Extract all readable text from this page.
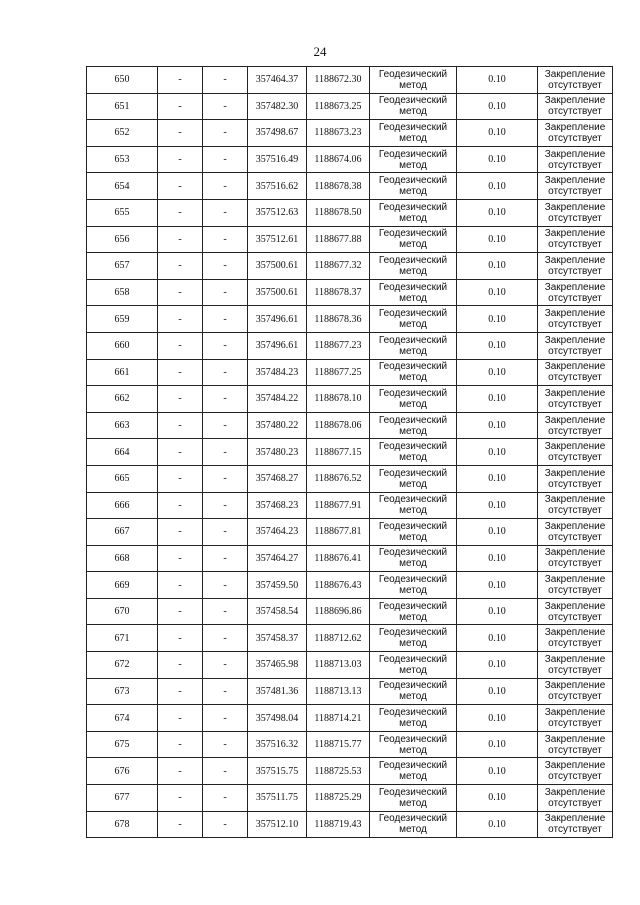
24
650	-	-	357464.37	1188672.30	Геодезический метод	0.10	Закрепление отсутствует
651	-	-	357482.30	1188673.25	Геодезический метод	0.10	Закрепление отсутствует
652	-	-	357498.67	1188673.23	Геодезический метод	0.10	Закрепление отсутствует
653	-	-	357516.49	1188674.06	Геодезический метод	0.10	Закрепление отсутствует
654	-	-	357516.62	1188678.38	Геодезический метод	0.10	Закрепление отсутствует
655	-	-	357512.63	1188678.50	Геодезический метод	0.10	Закрепление отсутствует
656	-	-	357512.61	1188677.88	Геодезический метод	0.10	Закрепление отсутствует
657	-	-	357500.61	1188677.32	Геодезический метод	0.10	Закрепление отсутствует
658	-	-	357500.61	1188678.37	Геодезический метод	0.10	Закрепление отсутствует
659	-	-	357496.61	1188678.36	Геодезический метод	0.10	Закрепление отсутствует
660	-	-	357496.61	1188677.23	Геодезический метод	0.10	Закрепление отсутствует
661	-	-	357484.23	1188677.25	Геодезический метод	0.10	Закрепление отсутствует
662	-	-	357484.22	1188678.10	Геодезический метод	0.10	Закрепление отсутствует
663	-	-	357480.22	1188678.06	Геодезический метод	0.10	Закрепление отсутствует
664	-	-	357480.23	1188677.15	Геодезический метод	0.10	Закрепление отсутствует
665	-	-	357468.27	1188676.52	Геодезический метод	0.10	Закрепление отсутствует
666	-	-	357468.23	1188677.91	Геодезический метод	0.10	Закрепление отсутствует
667	-	-	357464.23	1188677.81	Геодезический метод	0.10	Закрепление отсутствует
668	-	-	357464.27	1188676.41	Геодезический метод	0.10	Закрепление отсутствует
669	-	-	357459.50	1188676.43	Геодезический метод	0.10	Закрепление отсутствует
670	-	-	357458.54	1188696.86	Геодезический метод	0.10	Закрепление отсутствует
671	-	-	357458.37	1188712.62	Геодезический метод	0.10	Закрепление отсутствует
672	-	-	357465.98	1188713.03	Геодезический метод	0.10	Закрепление отсутствует
673	-	-	357481.36	1188713.13	Геодезический метод	0.10	Закрепление отсутствует
674	-	-	357498.04	1188714.21	Геодезический метод	0.10	Закрепление отсутствует
675	-	-	357516.32	1188715.77	Геодезический метод	0.10	Закрепление отсутствует
676	-	-	357515.75	1188725.53	Геодезический метод	0.10	Закрепление отсутствует
677	-	-	357511.75	1188725.29	Геодезический метод	0.10	Закрепление отсутствует
678	-	-	357512.10	1188719.43	Геодезический метод	0.10	Закрепление отсутствует
